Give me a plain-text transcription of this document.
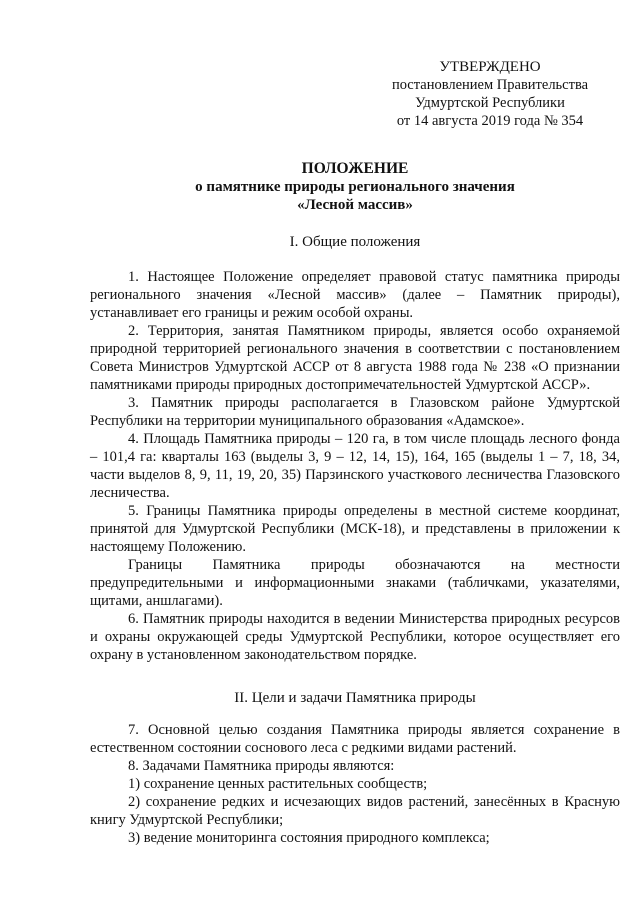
УТВЕРЖДЕНО
постановлением Правительства
Удмуртской Республики
от 14 августа 2019 года № 354
ПОЛОЖЕНИЕ
о памятнике природы регионального значения
«Лесной массив»
I. Общие положения

1. Настоящее Положение определяет правовой статус памятника природы регионального значения «Лесной массив» (далее – Памятник природы), устанавливает его границы и режим особой охраны.

2. Территория, занятая Памятником природы, является особо охраняемой природной территорией регионального значения в соответствии с постановлением Совета Министров Удмуртской АССР от 8 августа 1988 года № 238 «О признании памятниками природы природных достопримечательностей Удмуртской АССР».

3. Памятник природы располагается в Глазовском районе Удмуртской Республики на территории муниципального образования «Адамское».

4. Площадь Памятника природы – 120 га, в том числе площадь лесного фонда – 101,4 га: кварталы 163 (выделы 3, 9 – 12, 14, 15), 164, 165 (выделы 1 – 7, 18, 34, части выделов 8, 9, 11, 19, 20, 35) Парзинского участкового лесничества Глазовского лесничества.

5. Границы Памятника природы определены в местной системе координат, принятой для Удмуртской Республики (МСК-18), и представлены в приложении к настоящему Положению.

Границы Памятника природы обозначаются на местности предупредительными и информационными знаками (табличками, указателями, щитами, аншлагами).

6. Памятник природы находится в ведении Министерства природных ресурсов и охраны окружающей среды Удмуртской Республики, которое осуществляет его охрану в установленном законодательством порядке.

II. Цели и задачи Памятника природы

7. Основной целью создания Памятника природы является сохранение в естественном состоянии соснового леса с редкими видами растений.

8. Задачами Памятника природы являются:

1) сохранение ценных растительных сообществ;

2) сохранение редких и исчезающих видов растений, занесённых в Красную книгу Удмуртской Республики;

3) ведение мониторинга состояния природного комплекса;
